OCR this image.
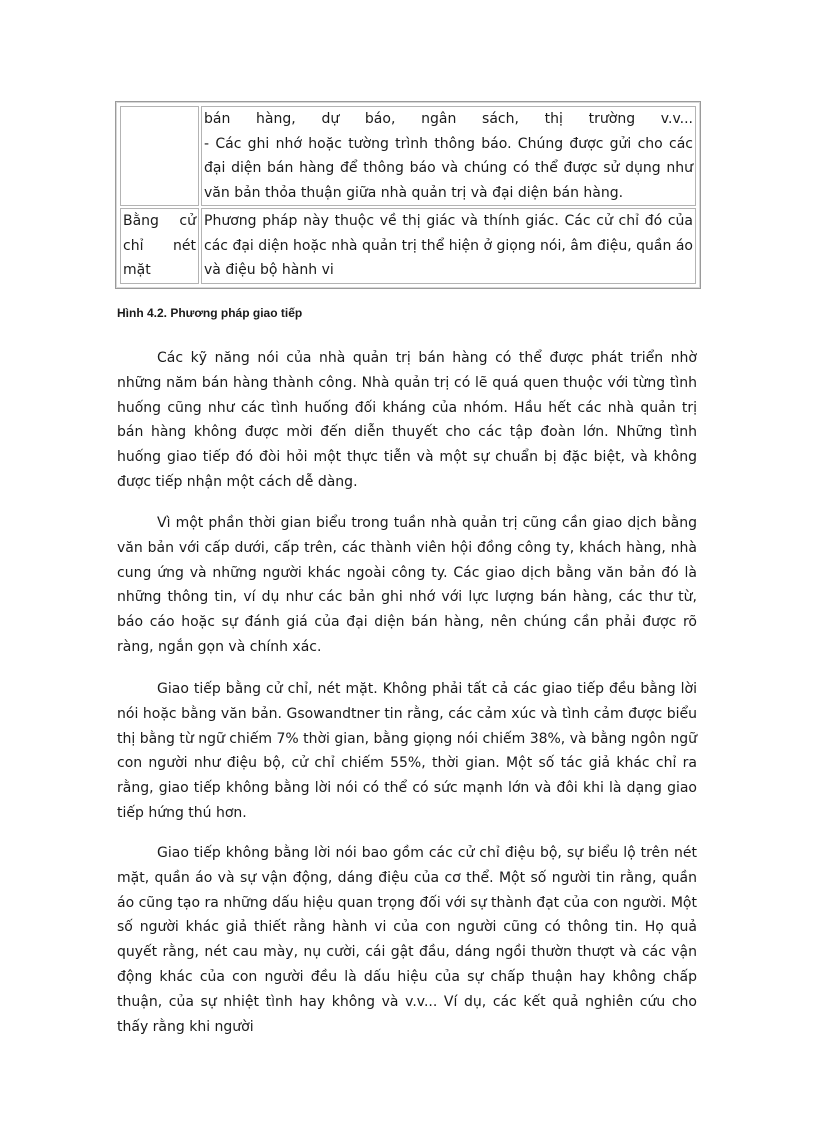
	bán hàng, dự báo, ngân sách, thị trường v.v...
- Các ghi nhớ hoặc tường trình thông báo. Chúng được gửi cho các đại diện bán hàng để thông báo và chúng có thể được sử dụng như văn bản thỏa thuận giữa nhà quản trị và đại diện bán hàng.

Bằng cử chỉ nét mặt	Phương pháp này thuộc về thị giác và thính giác. Các cử chỉ đó của các đại diện hoặc nhà quản trị thể hiện ở giọng nói, âm điệu, quần áo và điệu bộ hành vi
Hình 4.2. Phương pháp giao tiếp

Các kỹ năng nói của nhà quản trị bán hàng có thể được phát triển nhờ những năm bán hàng thành công. Nhà quản trị có lẽ quá quen thuộc với từng tình huống cũng như các tình huống đối kháng của nhóm. Hầu hết các nhà quản trị bán hàng không được mời đến diễn thuyết cho các tập đoàn lớn. Những tình huống giao tiếp đó đòi hỏi một thực tiễn và một sự chuẩn bị đặc biệt, và không được tiếp nhận một cách dễ dàng.

Vì một phần thời gian biểu trong tuần nhà quản trị cũng cần giao dịch bằng văn bản với cấp dưới, cấp trên, các thành viên hội đồng công ty, khách hàng, nhà cung ứng và những người khác ngoài công ty. Các giao dịch bằng văn bản đó là những thông tin, ví dụ như các bản ghi nhớ với lực lượng bán hàng, các thư từ, báo cáo hoặc sự đánh giá của đại diện bán hàng, nên chúng cần phải được rõ ràng, ngắn gọn và chính xác.

Giao tiếp bằng cử chỉ, nét mặt. Không phải tất cả các giao tiếp đều bằng lời nói hoặc bằng văn bản. Gsowandtner tin rằng, các cảm xúc và tình cảm được biểu thị bằng từ ngữ chiếm 7% thời gian, bằng giọng nói chiếm 38%, và bằng ngôn ngữ con người như điệu bộ, cử chỉ chiếm 55%, thời gian. Một số tác giả khác chỉ ra rằng, giao tiếp không bằng lời nói có thể có sức mạnh lớn và đôi khi là dạng giao tiếp hứng thú hơn.

Giao tiếp không bằng lời nói bao gồm các cử chỉ điệu bộ, sự biểu lộ trên nét mặt, quần áo và sự vận động, dáng điệu của cơ thể. Một số người tin rằng, quần áo cũng tạo ra những dấu hiệu quan trọng đối với sự thành đạt của con người. Một số người khác giả thiết rằng hành vi của con người cũng có thông tin. Họ quả quyết rằng, nét cau mày, nụ cười, cái gật đầu, dáng ngồi thườn thượt và các vận động khác của con người đều là dấu hiệu của sự chấp thuận hay không chấp thuận, của sự nhiệt tình hay không và v.v... Ví dụ, các kết quả nghiên cứu cho thấy rằng khi người
